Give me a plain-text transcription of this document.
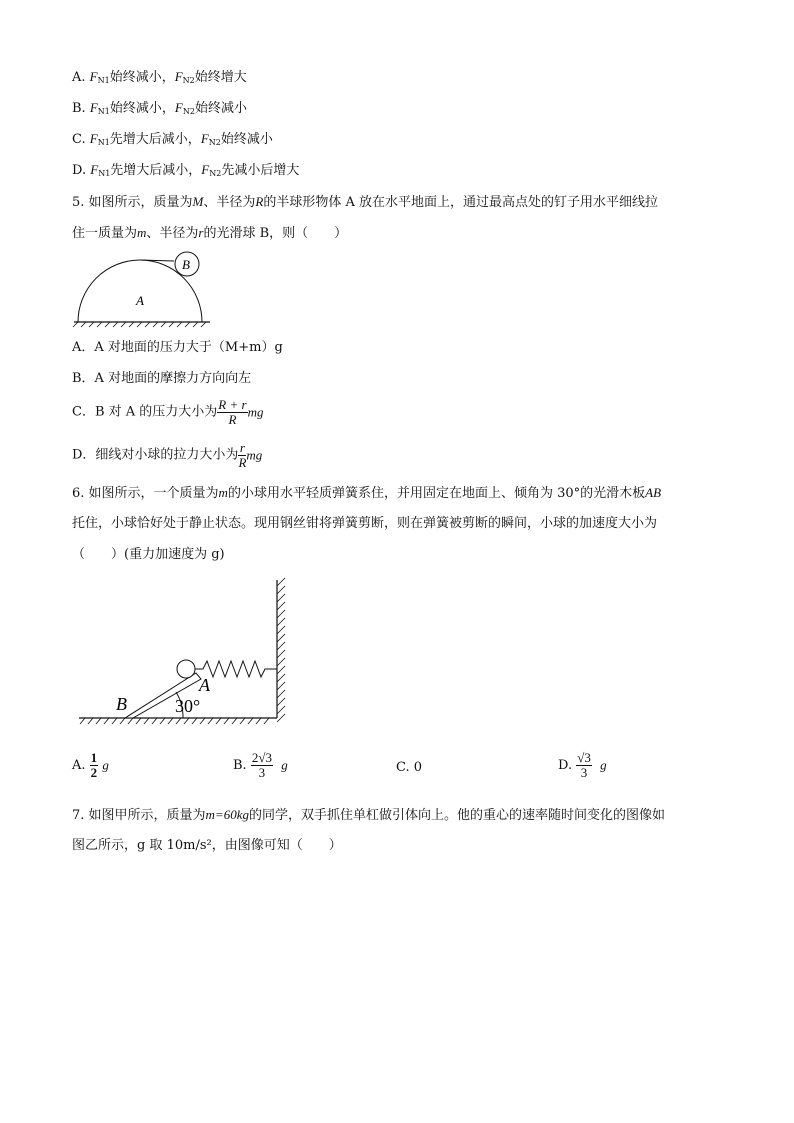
A. $F_{N1}$始终减小，$F_{N2}$始终增大
B. $F_{N1}$始终减小，$F_{N2}$始终减小
C. $F_{N1}$先增大后减小，$F_{N2}$始终减小
D. $F_{N1}$先增大后减小，$F_{N2}$先减小后增大
5. 如图所示，质量为M、半径为R的半球形物体 A 放在水平地面上，通过最高点处的钉子用水平细线拉
住一质量为m、半径为r的光滑球 B，则（　　）
A
B
A．A 对地面的压力大于（M+m）g
B．A 对地面的摩擦力方向向左
C．B 对 A 的压力大小为 $\frac{R + r}{R}$ mg
D．细线对小球的拉力大小为 $\frac{r}{R}$ mg
6. 如图所示，一个质量为m的小球用水平轻质弹簧系住，并用固定在地面上、倾角为 30°的光滑木板AB
托住，小球恰好处于静止状态。现用钢丝钳将弹簧剪断，则在弹簧被剪断的瞬间，小球的加速度大小为
（　　）(重力加速度为 g)
A
B	30°
A. $\frac{1}{2}$ g	B. $\frac{2√3}{3}$ g	C. 0	D. $\frac{√3}{3}$ g
7. 如图甲所示，质量为m=60kg的同学，双手抓住单杠做引体向上。他的重心的速率随时间变化的图像如
图乙所示，g 取 10m/s²，由图像可知（　　）
